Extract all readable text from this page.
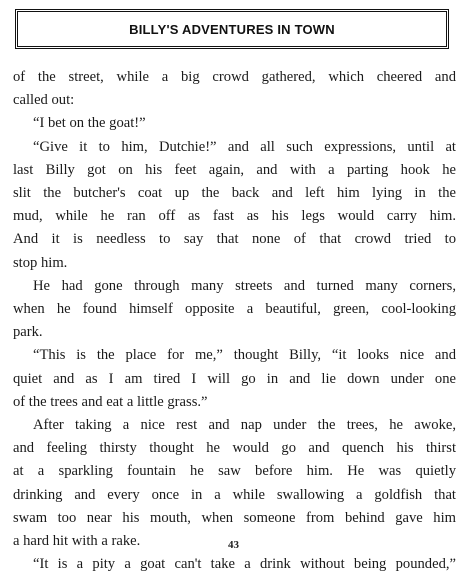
BILLY'S ADVENTURES IN TOWN
of the street, while a big crowd gathered, which cheered and
called out:
“I bet on the goat!”
“Give it to him, Dutchie!” and all such expressions, until at
last Billy got on his feet again, and with a parting hook he
slit the butcher's coat up the back and left him lying in the
mud, while he ran off as fast as his legs would carry him.
And it is needless to say that none of that crowd tried to
stop him.
He had gone through many streets and turned many corners,
when he found himself opposite a beautiful, green, cool-looking
park.
“This is the place for me,” thought Billy, “it looks nice and
quiet and as I am tired I will go in and lie down under one
of the trees and eat a little grass.”
After taking a nice rest and nap under the trees, he awoke,
and feeling thirsty thought he would go and quench his thirst
at a sparkling fountain he saw before him. He was quietly
drinking and every once in a while swallowing a goldfish that
swam too near his mouth, when someone from behind gave him
a hard hit with a rake.
“It is a pity a goat can't take a drink without being pounded,”
43
